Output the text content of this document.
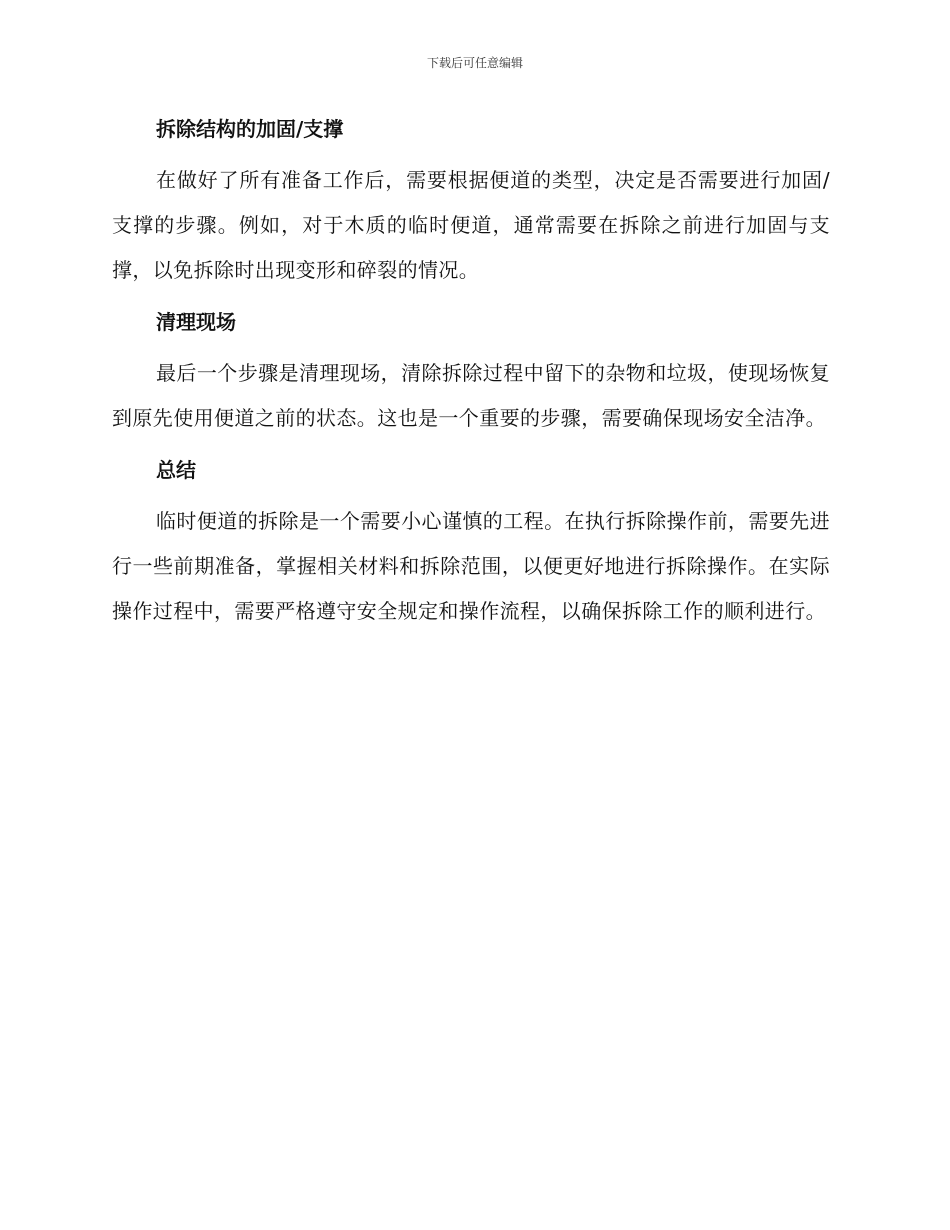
下载后可任意编辑
拆除结构的加固/支撑

在做好了所有准备工作后，需要根据便道的类型，决定是否需要进行加固/支撑的步骤。例如，对于木质的临时便道，通常需要在拆除之前进行加固与支撑，以免拆除时出现变形和碎裂的情况。

清理现场

最后一个步骤是清理现场，清除拆除过程中留下的杂物和垃圾，使现场恢复到原先使用便道之前的状态。这也是一个重要的步骤，需要确保现场安全洁净。

总结

临时便道的拆除是一个需要小心谨慎的工程。在执行拆除操作前，需要先进行一些前期准备，掌握相关材料和拆除范围，以便更好地进行拆除操作。在实际操作过程中，需要严格遵守安全规定和操作流程，以确保拆除工作的顺利进行。
